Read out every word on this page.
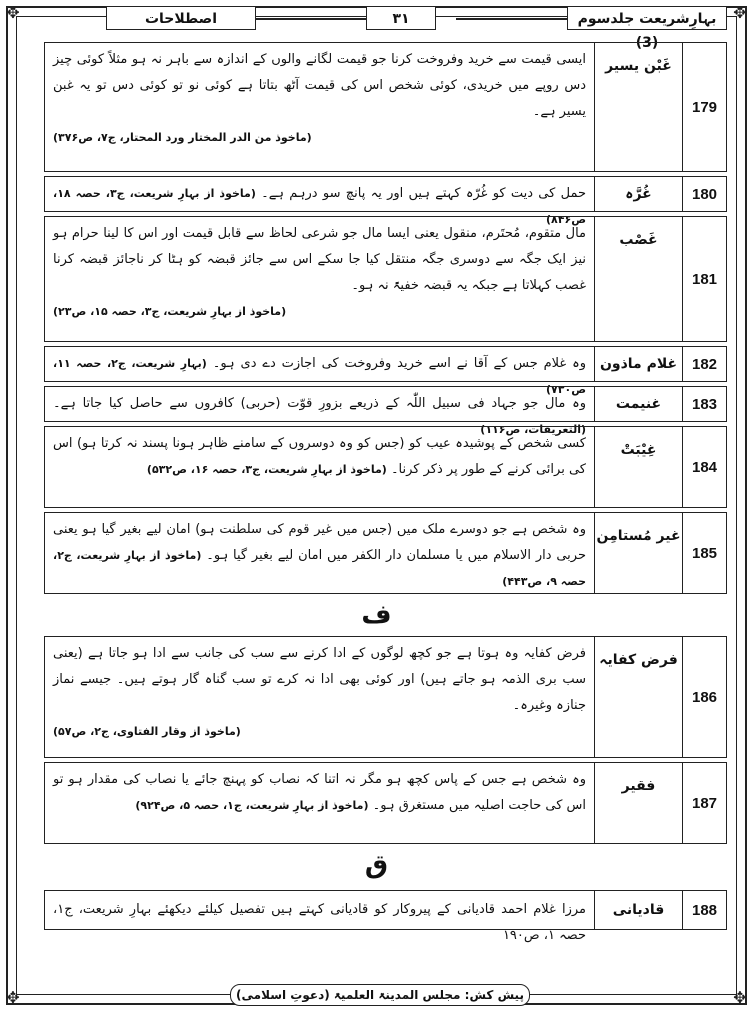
✥	✥
✥	✥
بہارِشریعت جلدسوم (3)
۳۱
اصطلاحات
179
غَبْن یسیر
ایسی قیمت سے خرید وفروخت کرنا جو قیمت لگانے والوں کے اندازہ سے باہر نہ ہو مثلاً کوئی چیز دس روپے میں خریدی، کوئی شخص اس کی قیمت آٹھ بتاتا ہے کوئی نو تو کوئی دس تو یہ غبن یسیر ہے۔
(ماخوذ من الدر المختار ورد المحتار، ج۷، ص۳۷۶)
180
غُرَّہ
حمل کی دیت کو غُرّہ کہتے ہیں اور یہ پانچ سو درہم ہے۔ (ماخوذ از بہارِ شریعت، ج۳، حصہ ۱۸، ص۸۴۶)
181
غَصْب
مال متقوم، مُحتَرم، منقول یعنی ایسا مال جو شرعی لحاظ سے قابل قیمت اور اس کا لینا حرام ہو نیز ایک جگہ سے دوسری جگہ منتقل کیا جا سکے اس سے جائز قبضہ کو ہٹا کر ناجائز قبضہ کرنا غصب کہلاتا ہے جبکہ یہ قبضہ خفیۃً نہ ہو۔
(ماخوذ از بہارِ شریعت، ج۳، حصہ ۱۵، ص۲۳)
182
غلام ماذون
وہ غلام جس کے آقا نے اسے خرید وفروخت کی اجازت دے دی ہو۔ (بہارِ شریعت، ج۲، حصہ ۱۱، ص۷۳۰)
183
غنیمت
وہ مال جو جہاد فی سبیل اللّٰہ کے ذریعے بزورِ قوّت (حربی) کافروں سے حاصل کیا جاتا ہے۔ (التعریفات، ص۱۱۶)
184
غِیْبَتْ
کسی شخص کے پوشیدہ عیب کو (جس کو وہ دوسروں کے سامنے ظاہر ہونا پسند نہ کرتا ہو) اس کی برائی کرنے کے طور پر ذکر کرنا۔ (ماخوذ از بہارِ شریعت، ج۳، حصہ ۱۶، ص۵۳۲)
185
غیر مُستامِن
وہ شخص ہے جو دوسرے ملک میں (جس میں غیر قوم کی سلطنت ہو) امان لیے بغیر گیا ہو یعنی حربی دار الاسلام میں یا مسلمان دار الکفر میں امان لیے بغیر گیا ہو۔ (ماخوذ از بہارِ شریعت، ج۲، حصہ ۹، ص۴۴۳)
ف
186
فرض کفایہ
فرض کفایہ وہ ہوتا ہے جو کچھ لوگوں کے ادا کرنے سے سب کی جانب سے ادا ہو جاتا ہے (یعنی سب بری الذمہ ہو جاتے ہیں) اور کوئی بھی ادا نہ کرے تو سب گناہ گار ہوتے ہیں۔ جیسے نماز جنازہ وغیرہ۔
(ماخوذ از وقار الفتاوی، ج۲، ص۵۷)
187
فقیر
وہ شخص ہے جس کے پاس کچھ ہو مگر نہ اتنا کہ نصاب کو پہنچ جائے یا نصاب کی مقدار ہو تو اس کی حاجت اصلیہ میں مستغرق ہو۔ (ماخوذ از بہارِ شریعت، ج۱، حصہ ۵، ص۹۲۴)
ق
188
قادیانی
مرزا غلام احمد قادیانی کے پیروکار کو قادیانی کہتے ہیں تفصیل کیلئے دیکھئے بہارِ شریعت، ج۱، حصہ ۱، ص۱۹۰
پیش کش: مجلس المدینۃ العلمیۃ (دعوتِ اسلامی)
